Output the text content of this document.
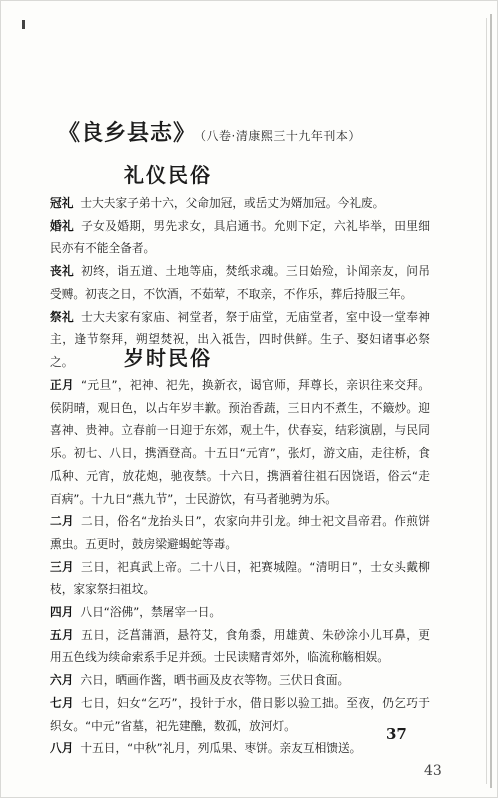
《良乡县志》 （八卷·清康熙三十九年刊本）
礼仪民俗
冠礼 士大夫家子弟十六，父命加冠，或岳丈为婿加冠。今礼废。
婚礼 子女及婚期，男先求女，具启通书。允则下定，六礼毕举，田里细民亦有不能全备者。
丧礼 初终，诣五道、土地等庙，焚纸求魂。三日始殓，讣闻亲友，问吊受赙。初丧之日，不饮酒，不茹荤，不取亲，不作乐，葬后持服三年。
祭礼 士大夫家有家庙、祠堂者，祭于庙堂，无庙堂者，室中设一堂奉神主，逢节祭拜，朔望焚祝，出入祗告，四时供鲜。生子、娶妇诸事必祭之。	岁时民俗
正月 “元旦”，祀神、祀先，换新衣，谒官师，拜尊长，亲识往来交拜。侯阴晴，观日色，以占年岁丰歉。预治香蔬，三日内不煮生，不簸炒。迎喜神、贵神。立春前一日迎于东郊，观土牛，伏春妄，结彩演剧，与民同乐。初七、八日，携酒登高。十五日“元宵”，张灯，游文庙，走往桥，食瓜种、元宵，放花炮，驰夜禁。十六日，携酒着往祖石因饶语，俗云“走百病”。十九日“燕九节”，士民游饮，有马者驰骋为乐。
二月 二日，俗名“龙抬头日”，农家向井引龙。绅士祀文昌帝君。作煎饼熏虫。五更时，鼓房梁避蝎蛇等毒。
三月 三日，祀真武上帝。二十八日，祀赛城隍。“清明日”，士女头戴柳枝，家家祭扫祖坟。
四月 八日“浴佛”，禁屠宰一日。
五月 五日，泛菖蒲酒，悬符艾，食角黍，用雄黄、朱砂涂小儿耳鼻，更用五色线为续命索系手足并颈。士民读赌青郊外，临流称觞相娱。
六月 六日，晒画作酱，晒书画及皮衣等物。三伏日食面。
七月 七日，妇女“乞巧”，投针于水，借日影以验工拙。至夜，仍乞巧于织女。“中元”省墓，祀先建醮，数孤，放河灯。
八月 十五日，“中秋”礼月，列瓜果、枣饼。亲友互相馈送。
37
43
